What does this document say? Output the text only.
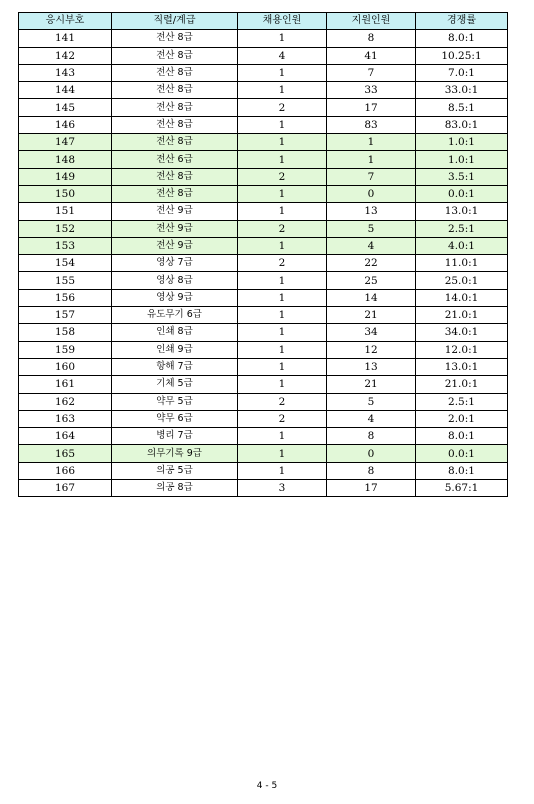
응시부호	직렬/계급	채용인원	지원인원	경쟁률
141	전산 8급	1	8	8.0:1
142	전산 8급	4	41	10.25:1
143	전산 8급	1	7	7.0:1
144	전산 8급	1	33	33.0:1
145	전산 8급	2	17	8.5:1
146	전산 8급	1	83	83.0:1
147	전산 8급	1	1	1.0:1
148	전산 6급	1	1	1.0:1
149	전산 8급	2	7	3.5:1
150	전산 8급	1	0	0.0:1
151	전산 9급	1	13	13.0:1
152	전산 9급	2	5	2.5:1
153	전산 9급	1	4	4.0:1
154	영상 7급	2	22	11.0:1
155	영상 8급	1	25	25.0:1
156	영상 9급	1	14	14.0:1
157	유도무기 6급	1	21	21.0:1
158	인쇄 8급	1	34	34.0:1
159	인쇄 9급	1	12	12.0:1
160	항해 7급	1	13	13.0:1
161	기체 5급	1	21	21.0:1
162	약무 5급	2	5	2.5:1
163	약무 6급	2	4	2.0:1
164	병리 7급	1	8	8.0:1
165	의무기록 9급	1	0	0.0:1
166	의공 5급	1	8	8.0:1
167	의공 8급	3	17	5.67:1
4 - 5
